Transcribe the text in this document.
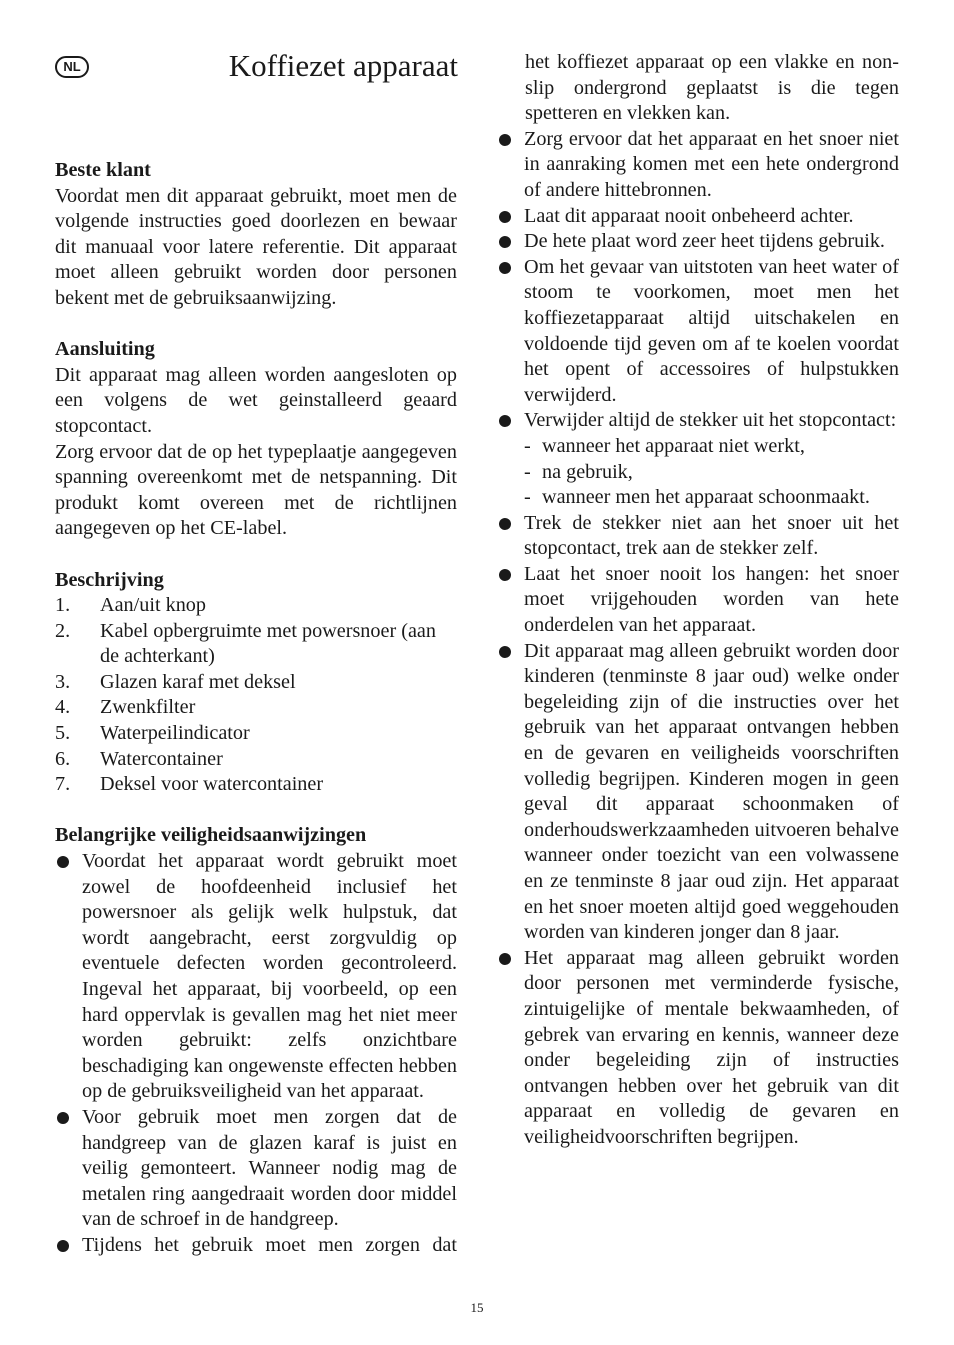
NL	Koffiezet apparaat

Beste klant

Voordat men dit apparaat gebruikt, moet men de volgende instructies goed doorlezen en bewaar dit manuaal voor latere referentie. Dit apparaat moet alleen gebruikt worden door personen bekent met de gebruiksaanwijzing.

Aansluiting

Dit apparaat mag alleen worden aangesloten op een volgens de wet geinstalleerd geaard stopcontact.

Zorg ervoor dat de op het typeplaatje aangegeven spanning overeenkomt met de netspanning. Dit produkt komt overeen met de richtlijnen aangegeven op het CE-label.

Beschrijving

1.	Aan/uit knop
2.	Kabel opbergruimte met powersnoer (aan de achterkant)
3.	Glazen karaf met deksel
4.	Zwenkfilter
5.	Waterpeilindicator
6.	Watercontainer
7.	Deksel voor watercontainer

Belangrijke veiligheidsaanwijzingen

Voordat het apparaat wordt gebruikt moet zowel de hoofdeenheid inclusief het powersnoer als gelijk welk hulpstuk, dat wordt aangebracht, eerst zorgvuldig op eventuele defecten worden gecontroleerd. Ingeval het apparaat, bij voorbeeld, op een hard oppervlak is gevallen mag het niet meer worden gebruikt: zelfs onzichtbare beschadiging kan ongewenste effecten hebben op de gebruiksveiligheid van het apparaat.
Voor gebruik moet men zorgen dat de handgreep van de glazen karaf is juist en veilig gemonteert. Wanneer nodig mag de metalen ring aangedraait worden door middel van de schroef in de handgreep.
Tijdens het gebruik moet men zorgen dat

het koffiezet apparaat op een vlakke en non-slip ondergrond geplaatst is die tegen spetteren en vlekken kan.

Zorg ervoor dat het apparaat en het snoer niet in aanraking komen met een hete ondergrond of andere hittebronnen.
Laat dit apparaat nooit onbeheerd achter.
De hete plaat word zeer heet tijdens gebruik.
Om het gevaar van uitstoten van heet water of stoom te voorkomen, moet men het koffiezetapparaat altijd uitschakelen en voldoende tijd geven om af te koelen voordat het opent of accessoires of hulpstukken verwijderd.
Verwijder altijd de stekker uit het stopcontact:
- wanneer het apparaat niet werkt,
- na gebruik,
- wanneer men het apparaat schoonmaakt.
Trek de stekker niet aan het snoer uit het stopcontact, trek aan de stekker zelf.
Laat het snoer nooit los hangen: het snoer moet vrijgehouden worden van hete onderdelen van het apparaat.
Dit apparaat mag alleen gebruikt worden door kinderen (tenminste 8 jaar oud) welke onder begeleiding zijn of die instructies over het gebruik van het apparaat ontvangen hebben en de gevaren en veiligheids voorschriften volledig begrijpen. Kinderen mogen in geen geval dit apparaat schoonmaken of onderhoudswerkzaamheden uitvoeren behalve wanneer onder toezicht van een volwassene en ze tenminste 8 jaar oud zijn. Het apparaat en het snoer moeten altijd goed weggehouden worden van kinderen jonger dan 8 jaar.
Het apparaat mag alleen gebruikt worden door personen met verminderde fysische, zintuigelijke of mentale bekwaamheden, of gebrek van ervaring en kennis, wanneer deze onder begeleiding zijn of instructies ontvangen hebben over het gebruik van dit apparaat en volledig de gevaren en veiligheidvoorschriften begrijpen.
15
